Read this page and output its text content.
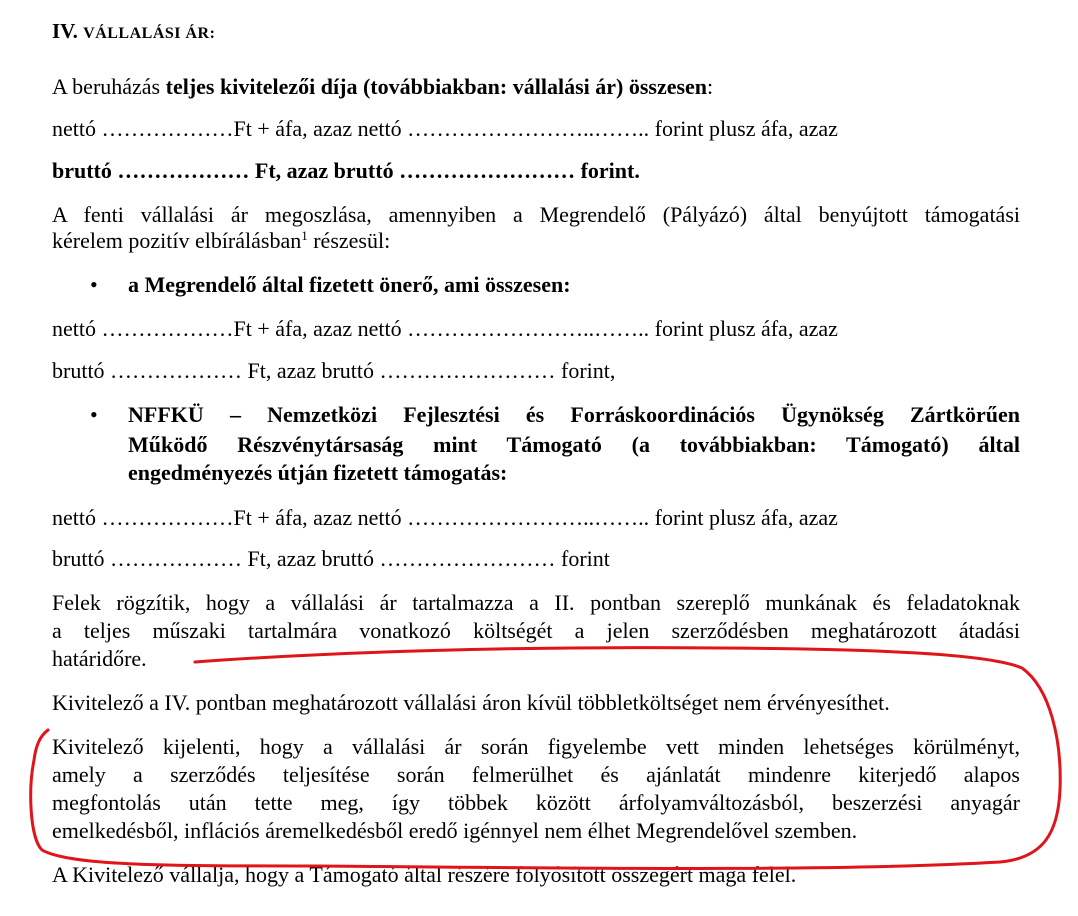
IV. VÁLLALÁSI ÁR:
A beruházás teljes kivitelezői díja (továbbiakban: vállalási ár) összesen:
nettó ………………Ft + áfa, azaz nettó ……………………..…….. forint plusz áfa, azaz
bruttó ……………… Ft, azaz bruttó …………………… forint.
A fenti vállalási ár megoszlása, amennyiben a Megrendelő (Pályázó) által benyújtott támogatási
kérelem pozitív elbírálásban$^1$ részesül:
• a Megrendelő által fizetett önerő, ami összesen:
nettó ………………Ft + áfa, azaz nettó ……………………..…….. forint plusz áfa, azaz
bruttó ……………… Ft, azaz bruttó …………………… forint,
• NFFKÜ – Nemzetközi Fejlesztési és Forráskoordinációs Ügynökség Zártkörűen
Működő Részvénytársaság mint Támogató (a továbbiakban: Támogató) által
engedményezés útján fizetett támogatás:
nettó ………………Ft + áfa, azaz nettó ……………………..…….. forint plusz áfa, azaz
bruttó ……………… Ft, azaz bruttó …………………… forint
Felek rögzítik, hogy a vállalási ár tartalmazza a II. pontban szereplő munkának és feladatoknak
a teljes műszaki tartalmára vonatkozó költségét a jelen szerződésben meghatározott átadási
határidőre.
Kivitelező a IV. pontban meghatározott vállalási áron kívül többletköltséget nem érvényesíthet.
Kivitelező kijelenti, hogy a vállalási ár során figyelembe vett minden lehetséges körülményt,
amely a szerződés teljesítése során felmerülhet és ajánlatát mindenre kiterjedő alapos
megfontolás után tette meg, így többek között árfolyamváltozásból, beszerzési anyagár
emelkedésből, inflációs áremelkedésből eredő igénnyel nem élhet Megrendelővel szemben.
A Kivitelező vállalja, hogy a Támogató által részére folyósított összegért maga felel.
